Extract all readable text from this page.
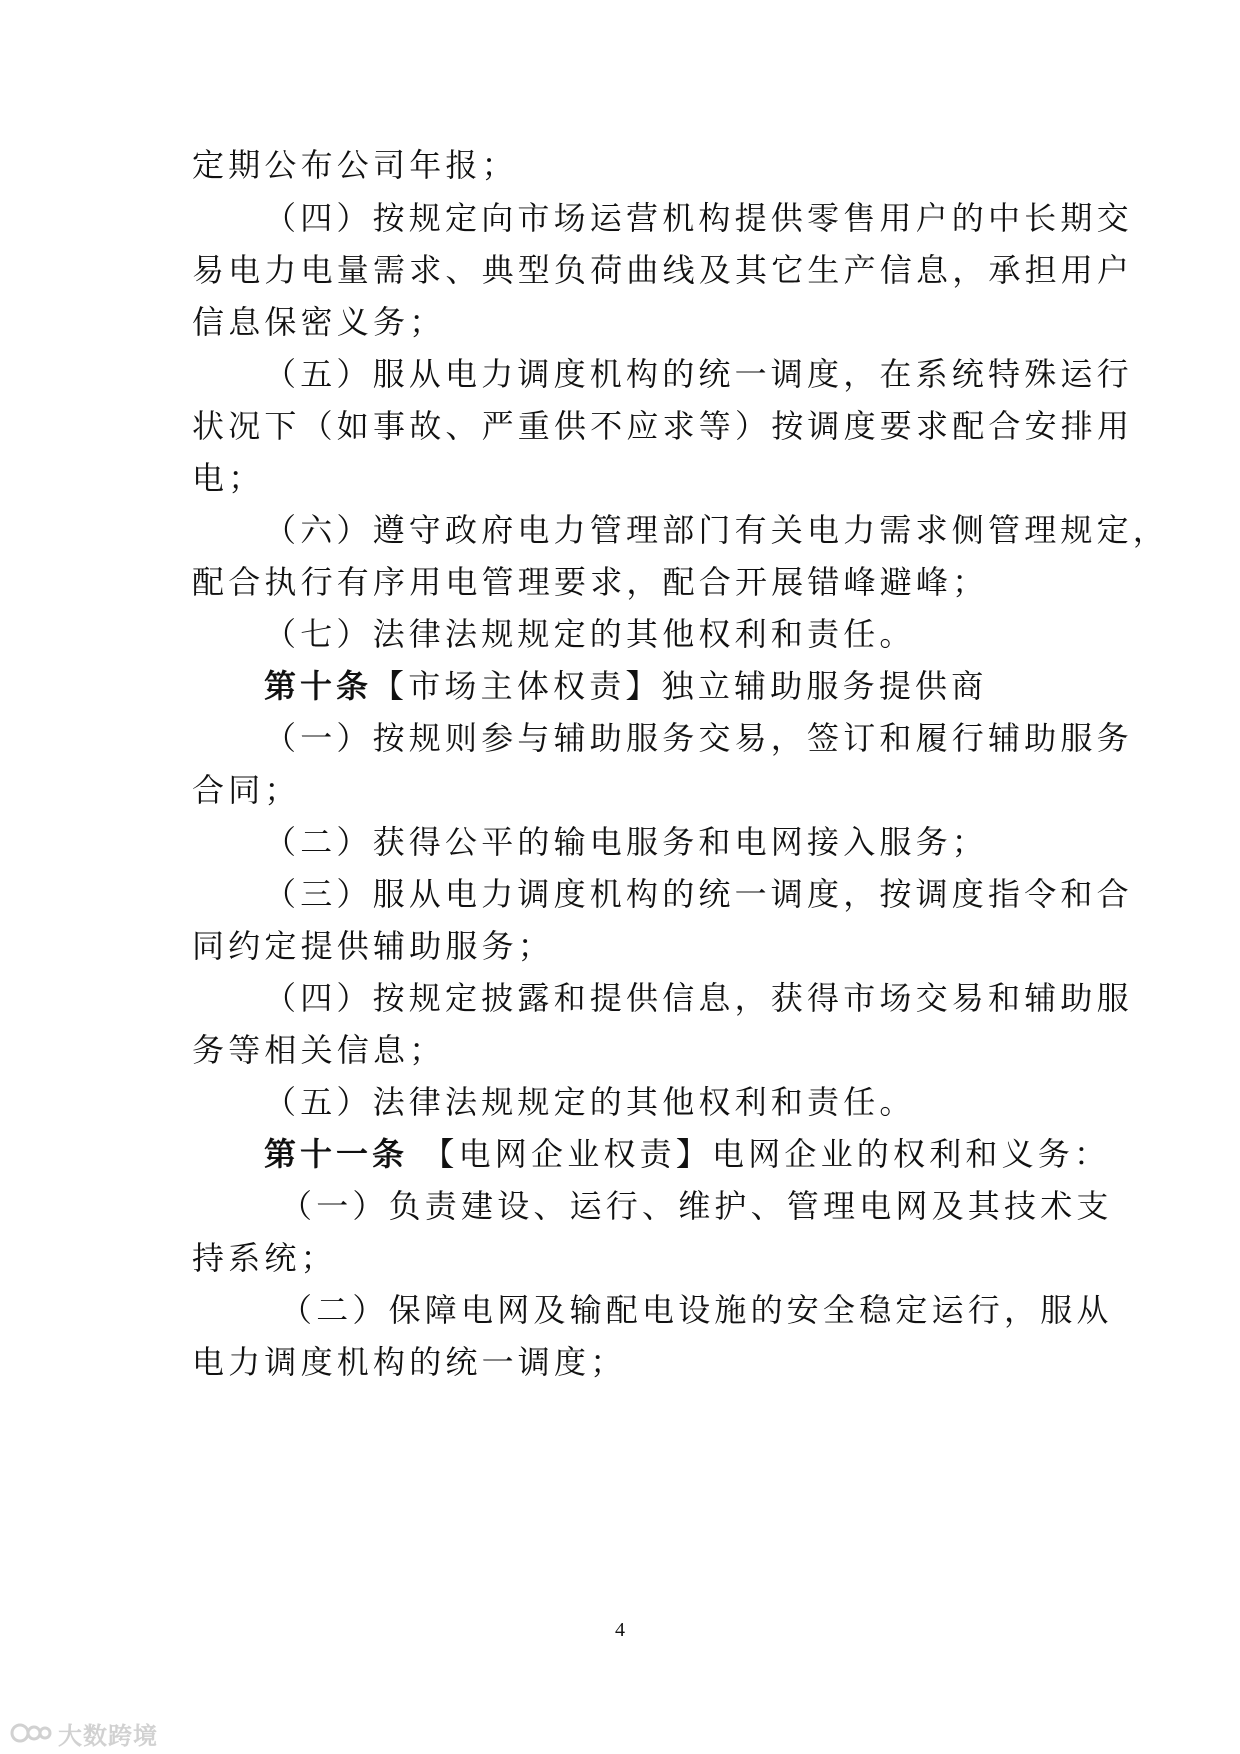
定期公布公司年报；
（四）按规定向市场运营机构提供零售用户的中长期交
易电力电量需求、典型负荷曲线及其它生产信息，承担用户
信息保密义务；
（五）服从电力调度机构的统一调度，在系统特殊运行
状况下（如事故、严重供不应求等）按调度要求配合安排用
电；
（六）遵守政府电力管理部门有关电力需求侧管理规定，
配合执行有序用电管理要求，配合开展错峰避峰；
（七）法律法规规定的其他权利和责任。
第十条【市场主体权责】独立辅助服务提供商
（一）按规则参与辅助服务交易，签订和履行辅助服务
合同；
（二）获得公平的输电服务和电网接入服务；
（三）服从电力调度机构的统一调度，按调度指令和合
同约定提供辅助服务；
（四）按规定披露和提供信息，获得市场交易和辅助服
务等相关信息；
（五）法律法规规定的其他权利和责任。
第十一条 【电网企业权责】电网企业的权利和义务：
（一）负责建设、运行、维护、管理电网及其技术支
持系统；
（二）保障电网及输配电设施的安全稳定运行，服从
电力调度机构的统一调度；
4
大数跨境
